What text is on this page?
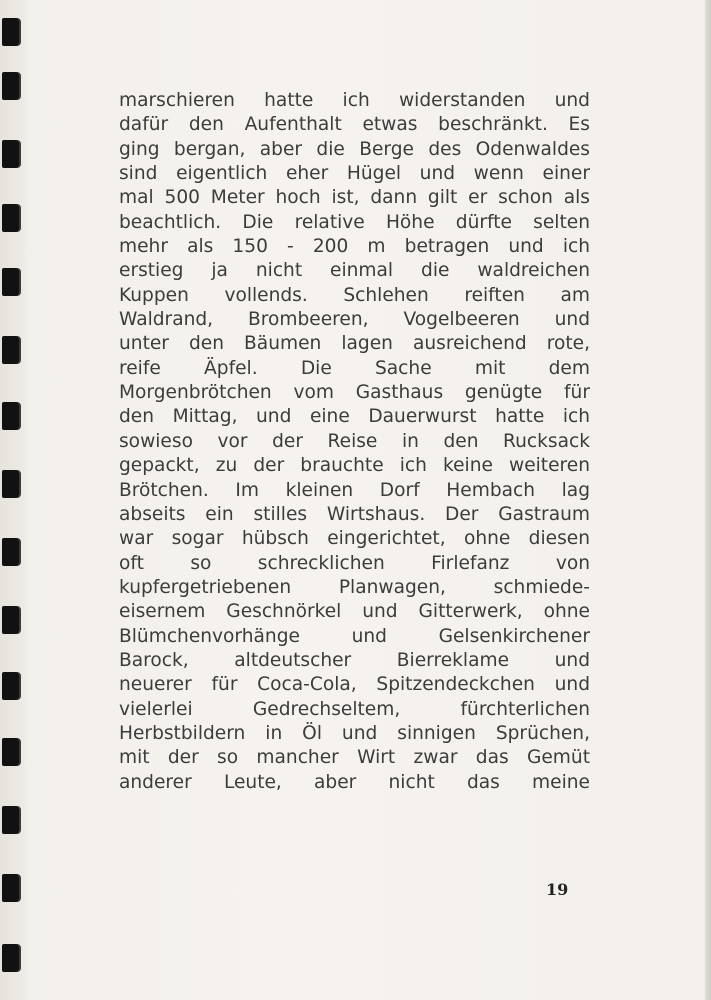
marschieren hatte ich widerstanden und
dafür den Aufenthalt etwas beschränkt. Es
ging bergan, aber die Berge des Odenwaldes
sind eigentlich eher Hügel und wenn einer
mal 500 Meter hoch ist, dann gilt er schon als
beachtlich. Die relative Höhe dürfte selten
mehr als 150 - 200 m betragen und ich
erstieg ja nicht einmal die waldreichen
Kuppen vollends. Schlehen reiften am
Waldrand, Brombeeren, Vogelbeeren und
unter den Bäumen lagen ausreichend rote,
reife Äpfel. Die Sache mit dem
Morgenbrötchen vom Gasthaus genügte für
den Mittag, und eine Dauerwurst hatte ich
sowieso vor der Reise in den Rucksack
gepackt, zu der brauchte ich keine weiteren
Brötchen. Im kleinen Dorf Hembach lag
abseits ein stilles Wirtshaus. Der Gastraum
war sogar hübsch eingerichtet, ohne diesen
oft so schrecklichen Firlefanz von
kupfergetriebenen Planwagen, schmiede-
eisernem Geschnörkel und Gitterwerk, ohne
Blümchenvorhänge und Gelsenkirchener
Barock, altdeutscher Bierreklame und
neuerer für Coca-Cola, Spitzendeckchen und
vielerlei Gedrechseltem, fürchterlichen
Herbstbildern in Öl und sinnigen Sprüchen,
mit der so mancher Wirt zwar das Gemüt
anderer Leute, aber nicht das meine
19
